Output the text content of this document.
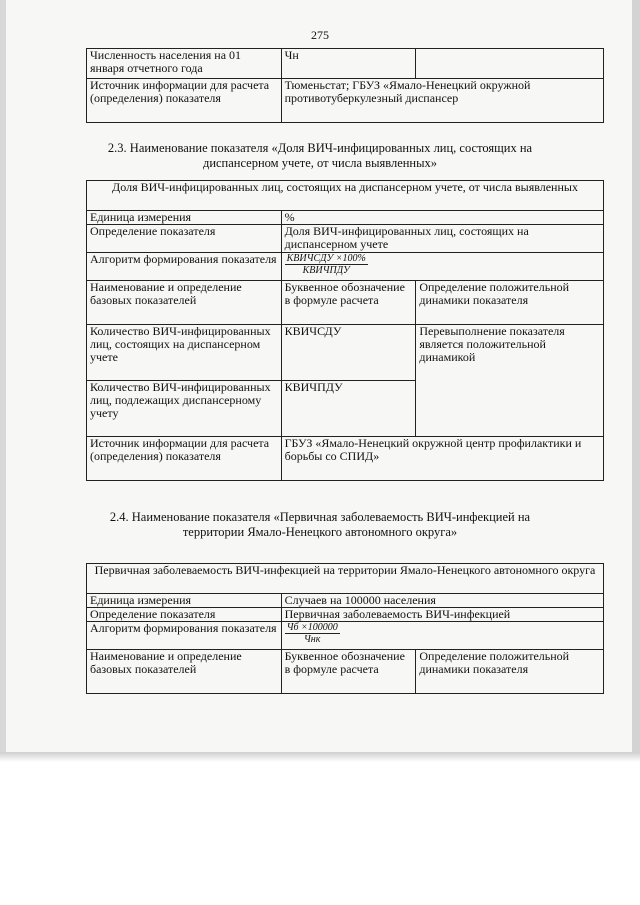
275
Численность населения на 01 января отчетного года	Чн	
Источник информации для расчета (определения) показателя	Тюменьстат; ГБУЗ «Ямало-Ненецкий окружной противотуберкулезный диспансер	
2.3. Наименование показателя «Доля ВИЧ-инфицированных лиц, состоящих на диспансерном учете, от числа выявленных»
Доля ВИЧ-инфицированных лиц, состоящих на диспансерном учете, от числа выявленных		
Единица измерения	%	
Определение показателя	Доля ВИЧ-инфицированных лиц, состоящих на диспансерном учете	
Алгоритм формирования показателя	$\frac{\text{КВИЧСДУ ×100\%}}{\text{КВИЧПДУ}}$

Наименование и определение базовых показателей	Буквенное обозначение в формуле расчета	Определение положительной динамики показателя
Количество ВИЧ-инфицированных лиц, состоящих на диспансерном учете	КВИЧСДУ	Перевыполнение показателя является положительной динамикой
Количество ВИЧ-инфицированных лиц, подлежащих диспансерному учету	КВИЧПДУ	
Источник информации для расчета (определения) показателя	ГБУЗ «Ямало-Ненецкий окружной центр профилактики и борьбы со СПИД»	
2.4. Наименование показателя «Первичная заболеваемость ВИЧ-инфекцией на территории Ямало-Ненецкого автономного округа»
Первичная заболеваемость ВИЧ-инфекцией на территории Ямало-Ненецкого автономного округа		
Единица измерения	Случаев на 100000 населения	
Определение показателя	Первичная заболеваемость ВИЧ-инфекцией	
Алгоритм формирования показателя	$\frac{Чб \times 100000}{\text{Чнк}}$

Наименование и определение базовых показателей	Буквенное обозначение в формуле расчета	Определение положительной динамики показателя
